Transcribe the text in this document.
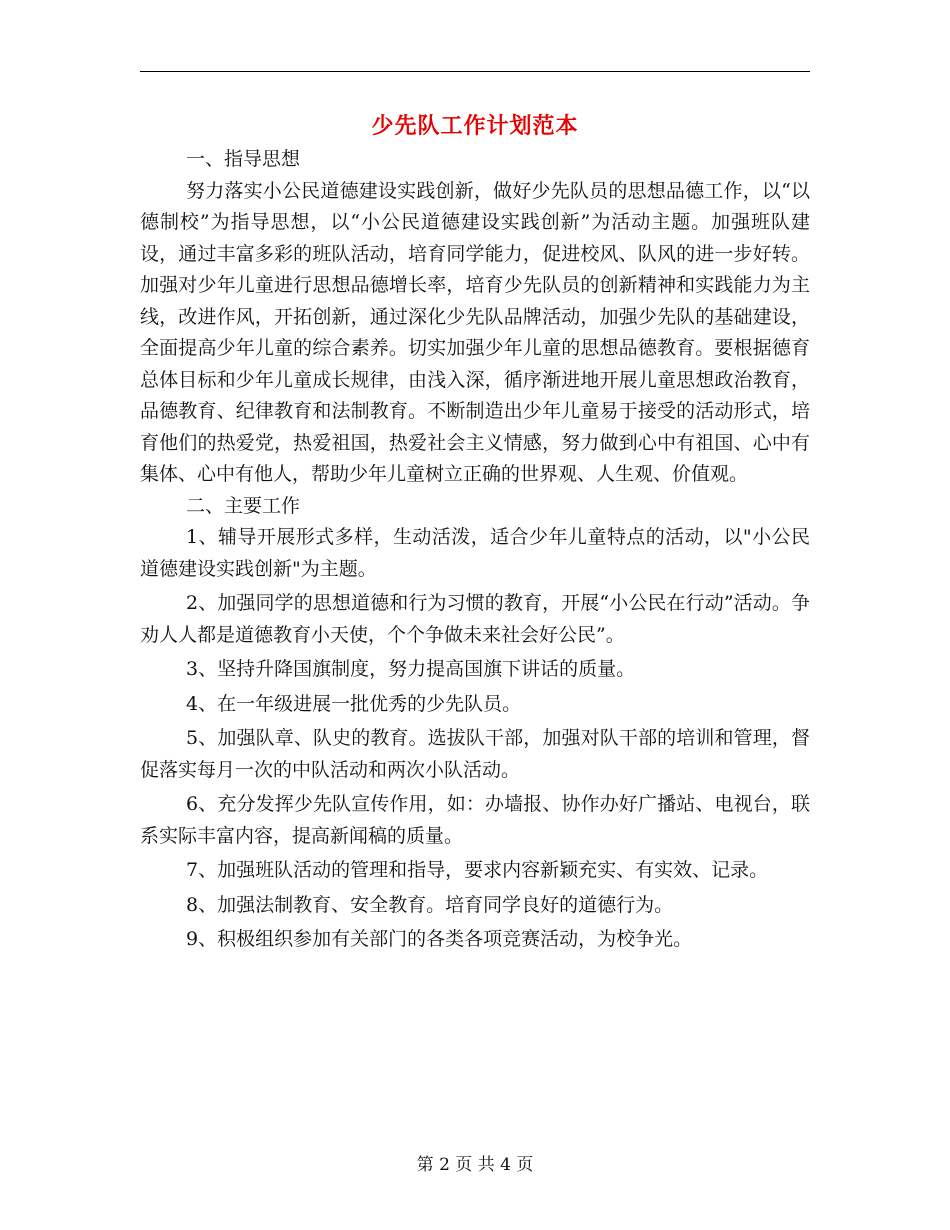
少先队工作计划范本

一、指导思想

努力落实小公民道德建设实践创新，做好少先队员的思想品德工作，以“以德制校”为指导思想，以“小公民道德建设实践创新”为活动主题。加强班队建设，通过丰富多彩的班队活动，培育同学能力，促进校风、队风的进一步好转。加强对少年儿童进行思想品德增长率，培育少先队员的创新精神和实践能力为主线，改进作风，开拓创新，通过深化少先队品牌活动，加强少先队的基础建设，全面提高少年儿童的综合素养。切实加强少年儿童的思想品德教育。要根据德育总体目标和少年儿童成长规律，由浅入深，循序渐进地开展儿童思想政治教育，品德教育、纪律教育和法制教育。不断制造出少年儿童易于接受的活动形式，培育他们的热爱党，热爱祖国，热爱社会主义情感，努力做到心中有祖国、心中有集体、心中有他人，帮助少年儿童树立正确的世界观、人生观、价值观。

二、主要工作

1、辅导开展形式多样，生动活泼，适合少年儿童特点的活动，以"小公民道德建设实践创新"为主题。

2、加强同学的思想道德和行为习惯的教育，开展“小公民在行动”活动。争劝人人都是道德教育小天使，个个争做未来社会好公民”。

3、坚持升降国旗制度，努力提高国旗下讲话的质量。

4、在一年级进展一批优秀的少先队员。

5、加强队章、队史的教育。选拔队干部，加强对队干部的培训和管理，督促落实每月一次的中队活动和两次小队活动。

6、充分发挥少先队宣传作用，如：办墙报、协作办好广播站、电视台，联系实际丰富内容，提高新闻稿的质量。

7、加强班队活动的管理和指导，要求内容新颖充实、有实效、记录。

8、加强法制教育、安全教育。培育同学良好的道德行为。

9、积极组织参加有关部门的各类各项竞赛活动，为校争光。

第 2 页 共 4 页
